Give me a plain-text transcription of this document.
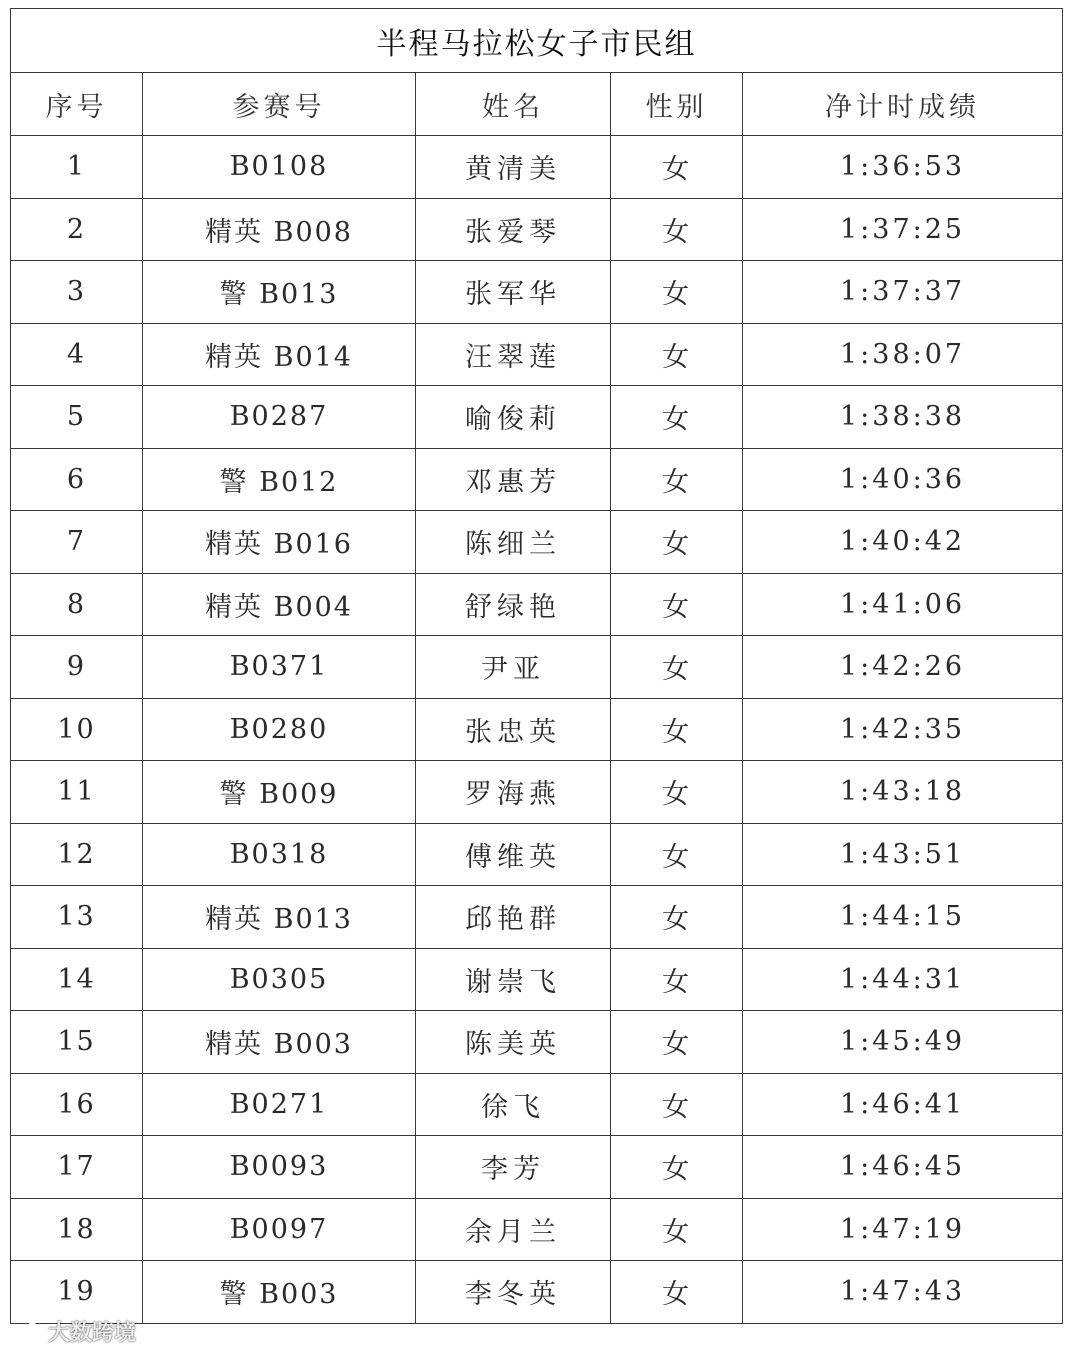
半程马拉松女子市民组				
序号	参赛号	姓名	性别	净计时成绩
1	B0108	黄清美	女	1:36:53
2	精英 B008	张爱琴	女	1:37:25
3	警 B013	张军华	女	1:37:37
4	精英 B014	汪翠莲	女	1:38:07
5	B0287	喻俊莉	女	1:38:38
6	警 B012	邓惠芳	女	1:40:36
7	精英 B016	陈细兰	女	1:40:42
8	精英 B004	舒绿艳	女	1:41:06
9	B0371	尹亚	女	1:42:26
10	B0280	张忠英	女	1:42:35
11	警 B009	罗海燕	女	1:43:18
12	B0318	傅维英	女	1:43:51
13	精英 B013	邱艳群	女	1:44:15
14	B0305	谢崇飞	女	1:44:31
15	精英 B003	陈美英	女	1:45:49
16	B0271	徐飞	女	1:46:41
17	B0093	李芳	女	1:46:45
18	B0097	余月兰	女	1:47:19
19	警 B003	李冬英	女	1:47:43
大数跨境
